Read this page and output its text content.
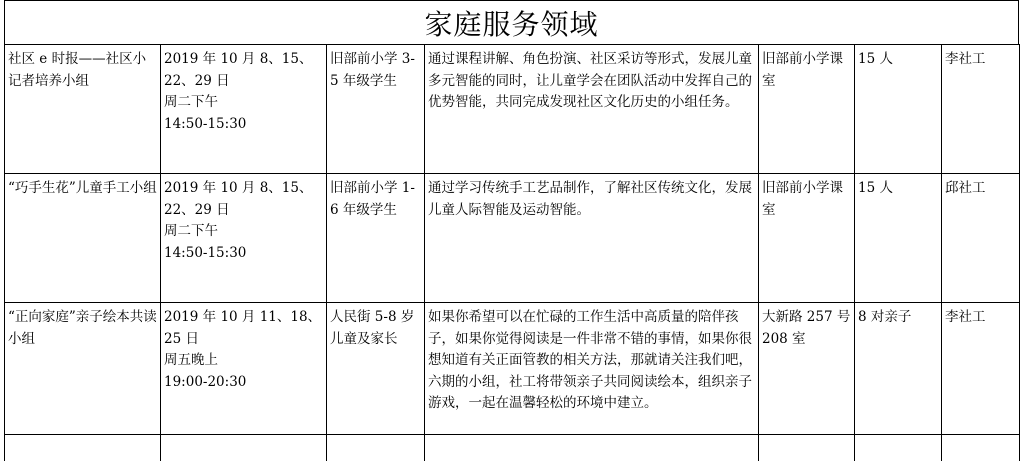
家庭服务领域
社区 e 时报——社区小记者培养小组	2019 年 10 月 8、15、
22、29 日
周二下午
14:50-15:30	旧部前小学 3-5 年级学生	通过课程讲解、角色扮演、社区采访等形式，发展儿童多元智能的同时，让儿童学会在团队活动中发挥自己的优势智能，共同完成发现社区文化历史的小组任务。	旧部前小学课室	15 人	李社工

“巧手生花”儿童手工小组	2019 年 10 月 8、15、
22、29 日
周二下午
14:50-15:30	旧部前小学 1-6 年级学生	通过学习传统手工艺品制作，了解社区传统文化，发展儿童人际智能及运动智能。	旧部前小学课室	15 人	邱社工

“正向家庭”亲子绘本共读小组	2019 年 10 月 11、18、
25 日
周五晚上
19:00-20:30	人民街 5-8 岁儿童及家长	如果你希望可以在忙碌的工作生活中高质量的陪伴孩子，如果你觉得阅读是一件非常不错的事情，如果你很想知道有关正面管教的相关方法，那就请关注我们吧，六期的小组，社工将带领亲子共同阅读绘本，组织亲子游戏，一起在温馨轻松的环境中建立。	大新路 257 号 208 室	8 对亲子	李社工
